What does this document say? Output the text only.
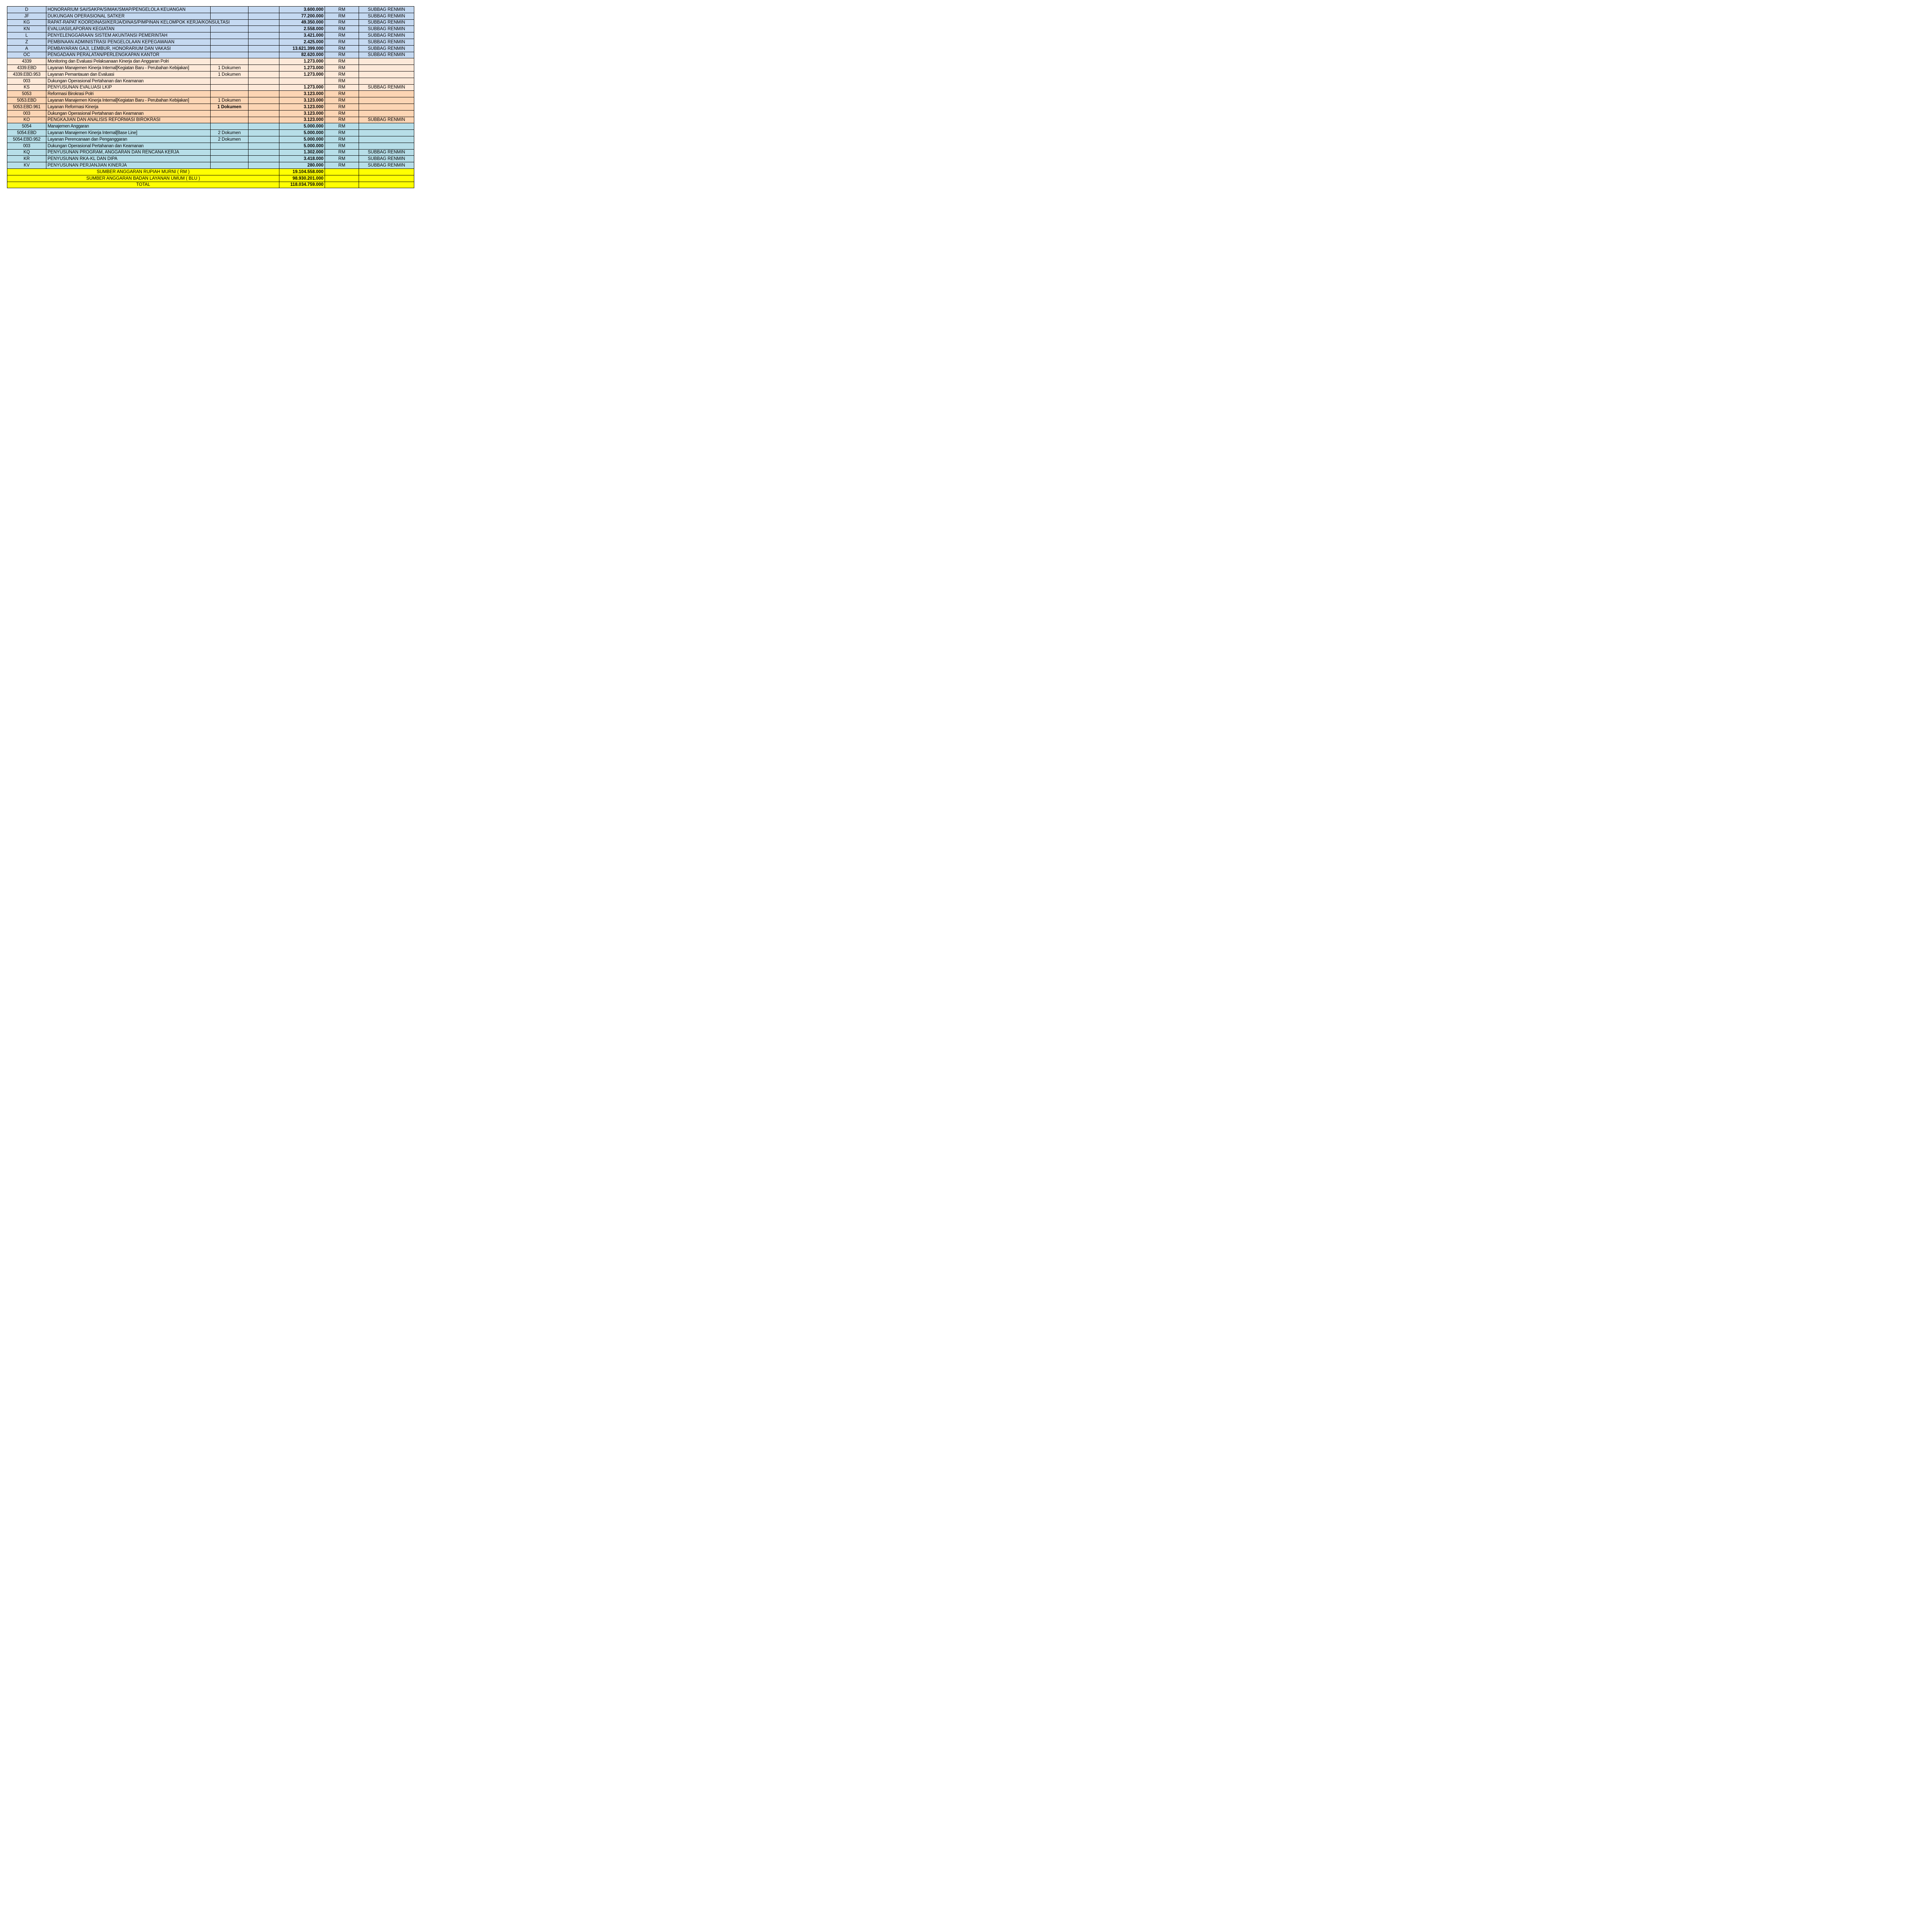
D	HONORARIUM SAI/SAKPA/SIMAK/SMAP/PENGELOLA KEUANGAN			3.600.000	RM	SUBBAG RENMIN
JF	DUKUNGAN OPERASIONAL SATKER			77.200.000	RM	SUBBAG RENMIN
KG	RAPAT-RAPAT KOORDINASI/KERJA/DINAS/PIMPINAN KELOMPOK KERJA/KONSULTASI			49.350.000	RM	SUBBAG RENMIN
KN	EVALUASI/LAPORAN KEGIATAN			2.558.000	RM	SUBBAG RENMIN
L	PENYELENGGARAAN SISTEM AKUNTANSI PEMERINTAH			3.421.000	RM	SUBBAG RENMIN
Z	PEMBINAAN ADMINISTRASI PENGELOLAAN KEPEGAWAIAN			2.425.000	RM	SUBBAG RENMIN
A	PEMBAYARAN GAJI, LEMBUR, HONORARIUM DAN VAKASI			13.621.399.000	RM	SUBBAG RENMIN
OC	PENGADAAN PERALATAN/PERLENGKAPAN KANTOR			82.620.000	RM	SUBBAG RENMIN
4339	Monitoring dan Evaluasi Pelaksanaan Kinerja dan Anggaran Polri			1.273.000	RM	
4339.EBD	Layanan Manajemen Kinerja Internal[Kegiatan Baru - Perubahan Kebijakan]	1 Dokumen		1.273.000	RM	
4339.EBD.953	Layanan Pemantauan dan Evaluasi	1 Dokumen		1.273.000	RM	
003	Dukungan Operasional Pertahanan dan Keamanan				RM	
KS	PENYUSUNAN EVALUASI LKIP			1.273.000	RM	SUBBAG RENMIN
5053	Reformasi Birokrasi Polri			3.123.000	RM	
5053.EBD	Layanan Manajemen Kinerja Internal[Kegiatan Baru - Perubahan Kebijakan]	1 Dokumen		3.123.000	RM	
5053.EBD.961	Layanan Reformasi Kinerja	1 Dokumen		3.123.000	RM	
003	Dukungan Operasional Pertahanan dan Keamanan			3.123.000	RM	
KO	PENGKAJIAN DAN ANALISIS REFORMASI BIROKRASI			3.123.000	RM	SUBBAG RENMIN
5054	Manajemen Anggaran			5.000.000	RM	
5054.EBD	Layanan Manajemen Kinerja Internal[Base Line]	2 Dokumen		5.000.000	RM	
5054.EBD.952	Layanan Perencanaan dan Penganggaran	2 Dokumen		5.000.000	RM	
003	Dukungan Operasional Pertahanan dan Keamanan			5.000.000	RM	
KQ	PENYUSUNAN PROGRAM, ANGGARAN DAN RENCANA KERJA			1.302.000	RM	SUBBAG RENMIN
KR	PENYUSUNAN RKA-KL DAN DIPA			3.418.000	RM	SUBBAG RENMIN
KV	PENYUSUNAN PERJANJIAN KINERJA			280.000	RM	SUBBAG RENMIN
SUMBER ANGGARAN RUPIAH MURNI ( RM )				19.104.558.000		
SUMBER ANGGARAN BADAN LAYANAN UMUM ( BLU )				98.930.201.000		
TOTAL				118.034.759.000		
